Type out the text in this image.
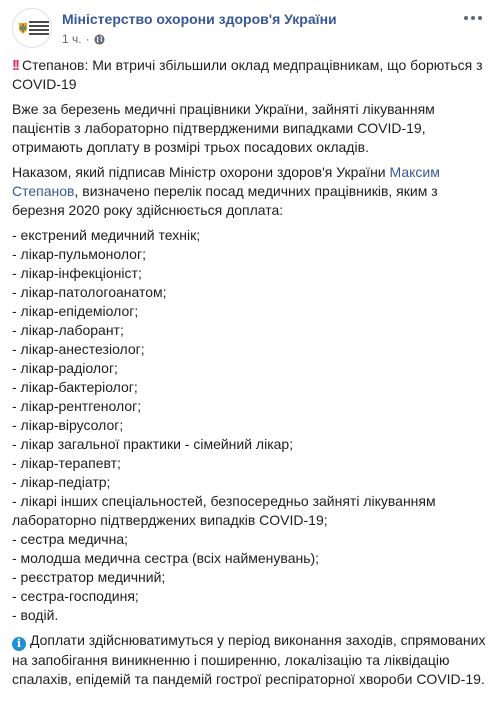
Міністерство охорони здоров'я України
1 ч. ·

!! Степанов: Ми втричі збільшили оклад медпрацівникам, що борються з COVID-19

Вже за березень медичні працівники України, зайняті лікуванням пацієнтів з лабораторно підтвердженими випадками COVID-19, отримають доплату в розмірі трьох посадових окладів.

Наказом, який підписав Міністр охорони здоров'я України Максим Степанов, визначено перелік посад медичних працівників, яким з березня 2020 року здійснюється доплата:

- екстрений медичний технік;
- лікар-пульмонолог;
- лікар-інфекціоніст;
- лікар-патологоанатом;
- лікар-епідеміолог;
- лікар-лаборант;
- лікар-анестезіолог;
- лікар-радіолог;
- лікар-бактеріолог;
- лікар-рентгенолог;
- лікар-вірусолог;
- лікар загальної практики - сімейний лікар;
- лікар-терапевт;
- лікар-педіатр;
- лікарі інших спеціальностей, безпосередньо зайняті лікуванням лабораторно підтверджених випадків COVID-19;
- сестра медична;
- молодша медична сестра (всіх найменувань);
- реєстратор медичний;
- сестра-господиня;
- водій.

i Доплати здійснюватимуться у період виконання заходів, спрямованих на запобігання виникненню і поширенню, локалізацію та ліквідацію спалахів, епідемій та пандемій гострої респіраторної хвороби COVID-19.
